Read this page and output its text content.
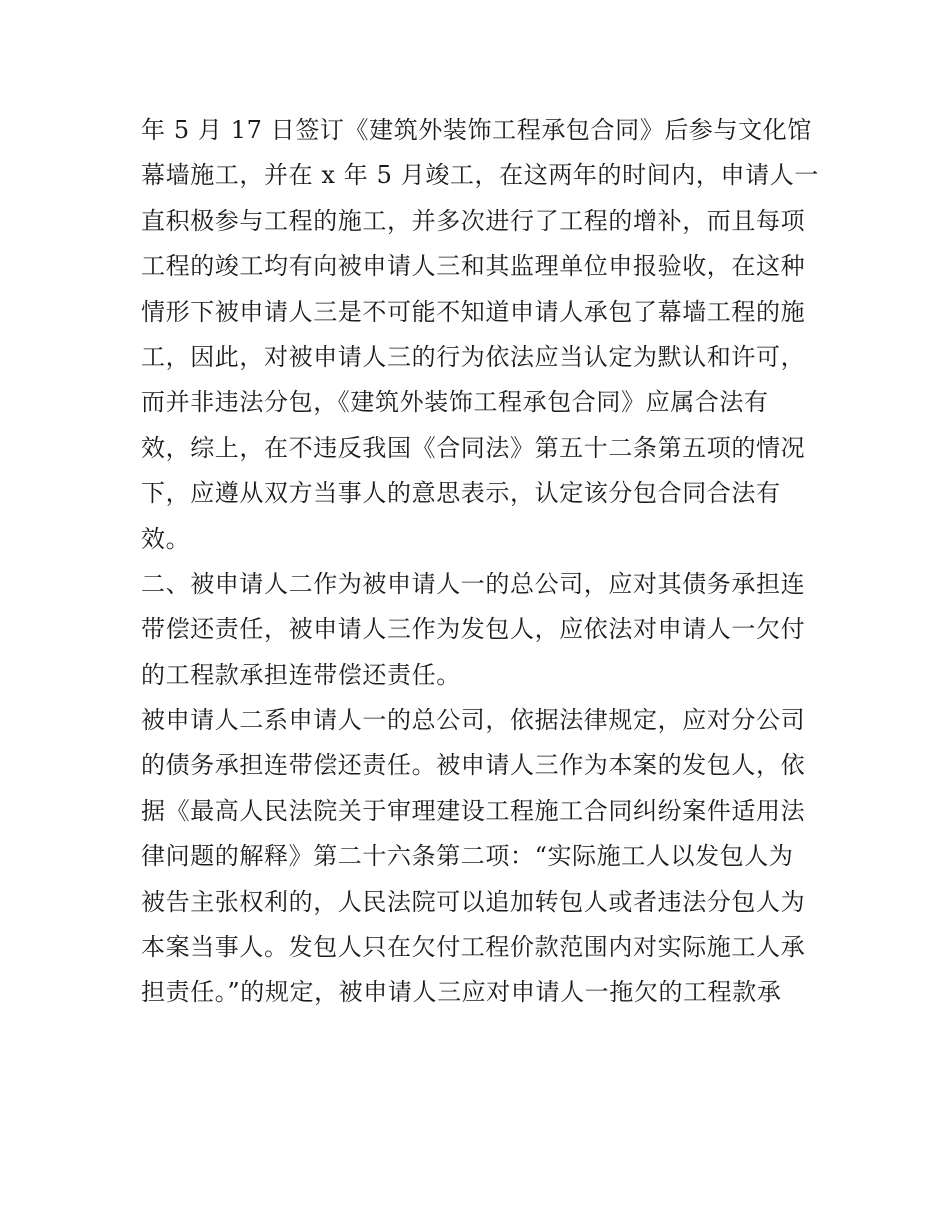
年 5 月 17 日签订《建筑外装饰工程承包合同》后参与文化馆
幕墙施工，并在 x 年 5 月竣工，在这两年的时间内，申请人一
直积极参与工程的施工，并多次进行了工程的增补，而且每项
工程的竣工均有向被申请人三和其监理单位申报验收，在这种
情形下被申请人三是不可能不知道申请人承包了幕墙工程的施
工，因此，对被申请人三的行为依法应当认定为默认和许可，
而并非违法分包，《建筑外装饰工程承包合同》应属合法有
效，综上，在不违反我国《合同法》第五十二条第五项的情况
下，应遵从双方当事人的意思表示，认定该分包合同合法有
效。
二、被申请人二作为被申请人一的总公司，应对其债务承担连
带偿还责任，被申请人三作为发包人，应依法对申请人一欠付
的工程款承担连带偿还责任。
被申请人二系申请人一的总公司，依据法律规定，应对分公司
的债务承担连带偿还责任。被申请人三作为本案的发包人，依
据《最高人民法院关于审理建设工程施工合同纠纷案件适用法
律问题的解释》第二十六条第二项：“实际施工人以发包人为
被告主张权利的，人民法院可以追加转包人或者违法分包人为
本案当事人。发包人只在欠付工程价款范围内对实际施工人承
担责任。”的规定，被申请人三应对申请人一拖欠的工程款承
